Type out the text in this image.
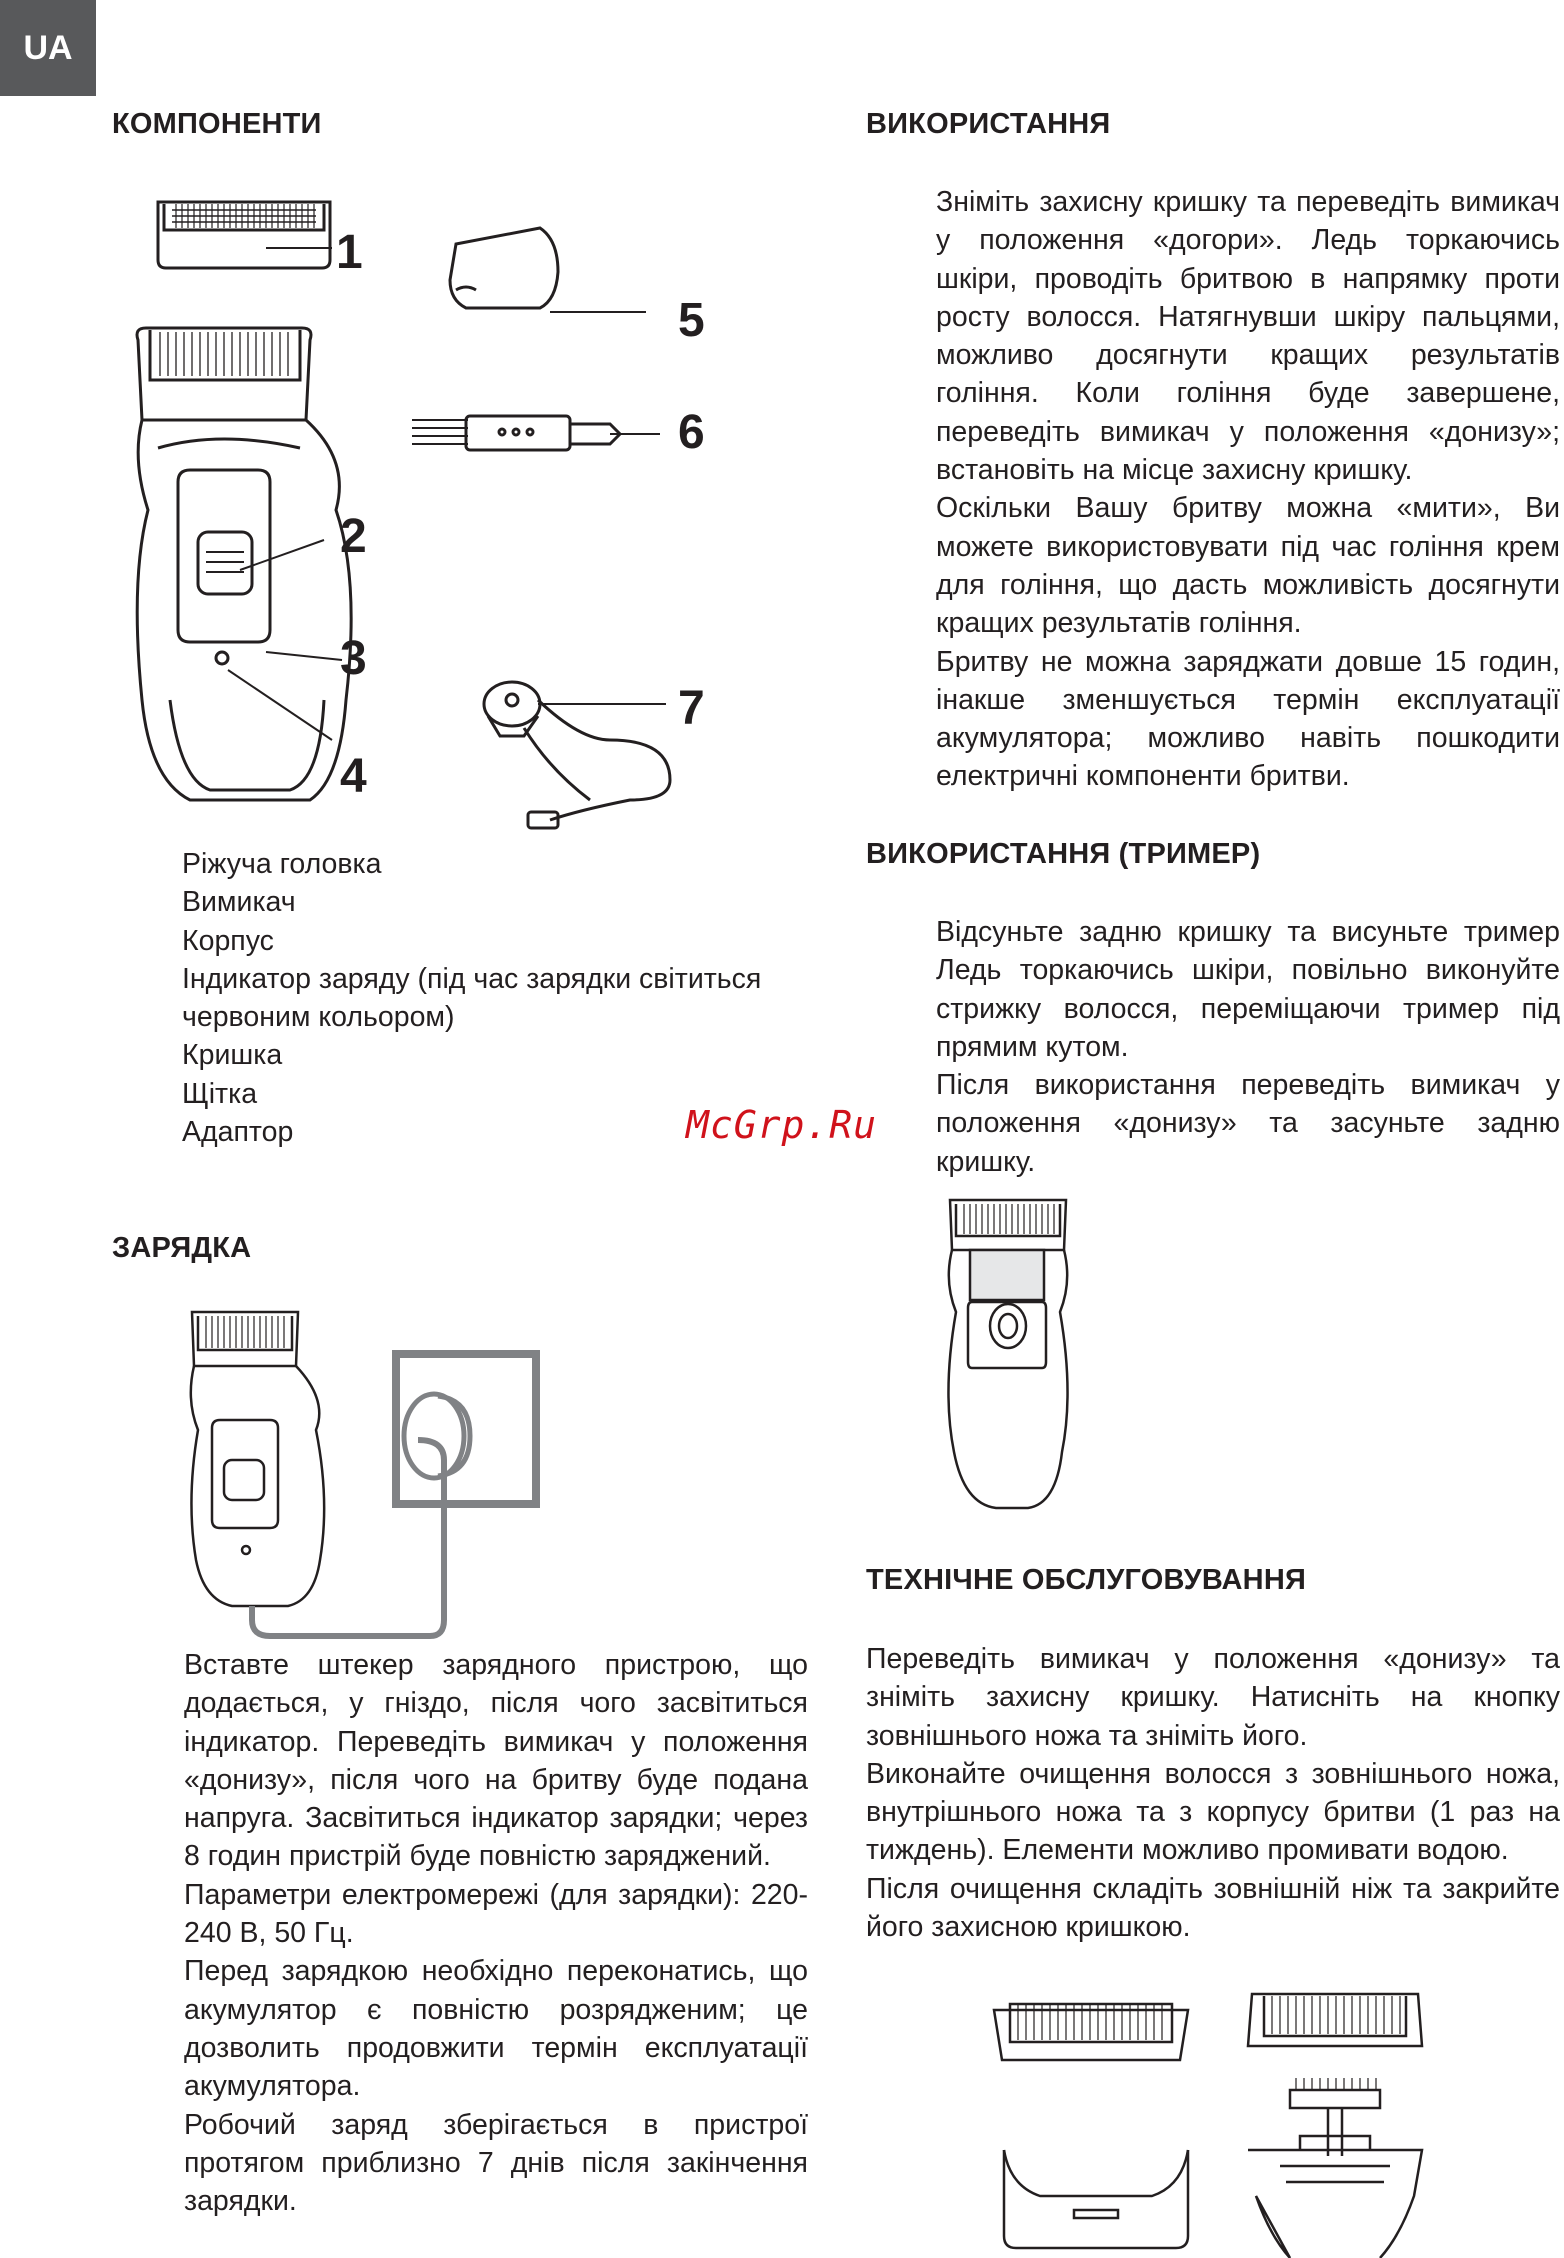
UA
КОМПОНЕНТИ
1
5
6
2
3
7
4
Ріжуча головка
Вимикач
Корпус
Індикатор заряду (під час зарядки світиться червоним кольором)
Кришка
Щітка
Адаптор	McGrp.Ru
ЗАРЯДКА

Вставте штекер зарядного пристрою, що додається, у гніздо, після чого засвітиться індикатор. Переведіть вимикач у положення «донизу», після чого на бритву буде подана напруга. Засвітиться індикатор зарядки; через 8 годин пристрій буде повністю заряджений.

Параметри електромережі (для зарядки): 220-240 В, 50 Гц.

Перед зарядкою необхідно переконатись, що акумулятор є повністю розрядженим; це дозволить продовжити термін експлуатації акумулятора.

Робочий заряд зберігається в пристрої протягом приблизно 7 днів після закінчення зарядки.

ВИКОРИСТАННЯ

Зніміть захисну кришку та переведіть вимикач у положення «догори». Ледь торкаючись шкіри, проводіть бритвою в напрямку проти росту волосся. Натягнувши шкіру пальцями, можливо досягнути кращих результатів гоління. Коли гоління буде завершене, переведіть вимикач у положення «донизу»; встановіть на місце захисну кришку.

Оскільки Вашу бритву можна «мити», Ви можете використовувати під час гоління крем для гоління, що дасть можливість досягнути кращих результатів гоління.

Бритву не можна заряджати довше 15 годин, інакше зменшується термін експлуатації акумулятора; можливо навіть пошкодити електричні компоненти бритви.

ВИКОРИСТАННЯ (ТРИМЕР)

Відсуньте задню кришку та висуньте тример Ледь торкаючись шкіри, повільно виконуйте стрижку волосся, переміщаючи тример під прямим кутом.

Після використання переведіть вимикач у положення «донизу» та засуньте задню кришку.

ТЕХНІЧНЕ ОБСЛУГОВУВАННЯ

Переведіть вимикач у положення «донизу» та зніміть захисну кришку. Натисніть на кнопку зовнішнього ножа та зніміть його.

Виконайте очищення волосся з зовнішнього ножа, внутрішнього ножа та з корпусу бритви (1 раз на тиждень). Елементи можливо промивати водою.

Після очищення складіть зовнішній ніж та закрийте його захисною кришкою.
